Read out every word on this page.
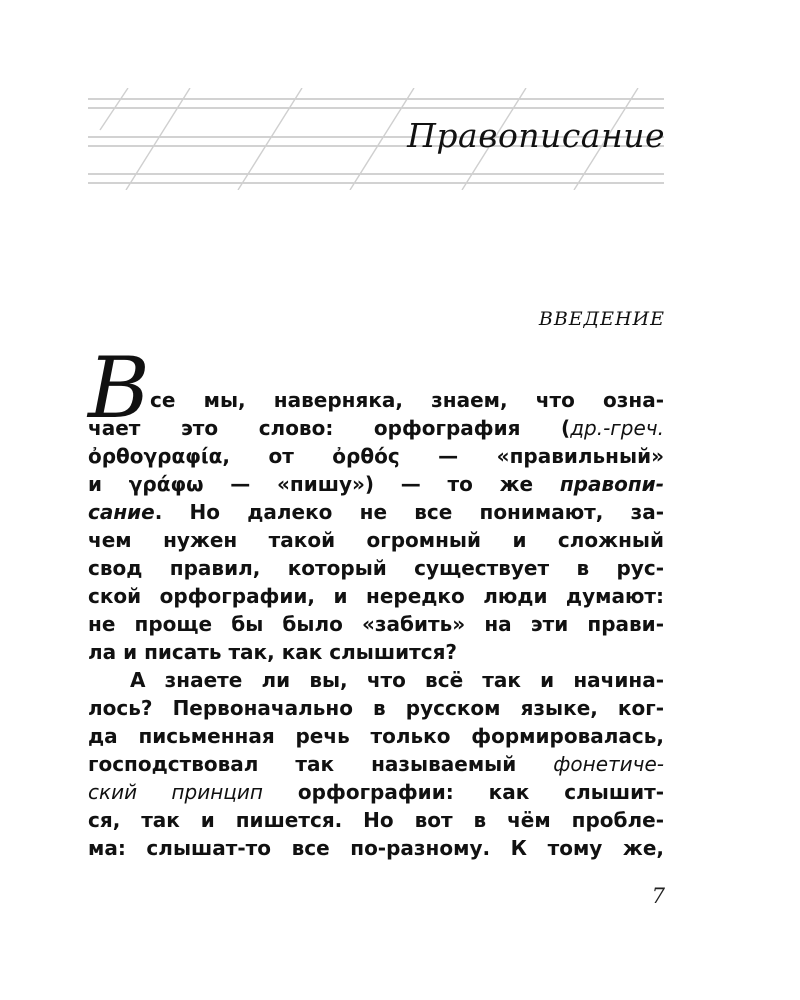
Правописание
ВВЕДЕНИЕ
В се мы, наверняка, знаем, что озна-
чает это слово: орфография (др.-греч.
ὀρθογραφία, от ὀρθός — «правильный»
и γράφω — «пишу») — то же правопи-
сание. Но далеко не все понимают, за-
чем нужен такой огромный и сложный
свод правил, который существует в рус-
ской орфографии, и нередко люди думают:
не проще бы было «забить» на эти прави-
ла и писать так, как слышится?
А знаете ли вы, что всё так и начина-
лось? Первоначально в русском языке, ког-
да письменная речь только формировалась,
господствовал так называемый фонетиче-
ский принцип орфографии: как слышит-
ся, так и пишется. Но вот в чём пробле-
ма: слышат-то все по-разному. К тому же,
7
